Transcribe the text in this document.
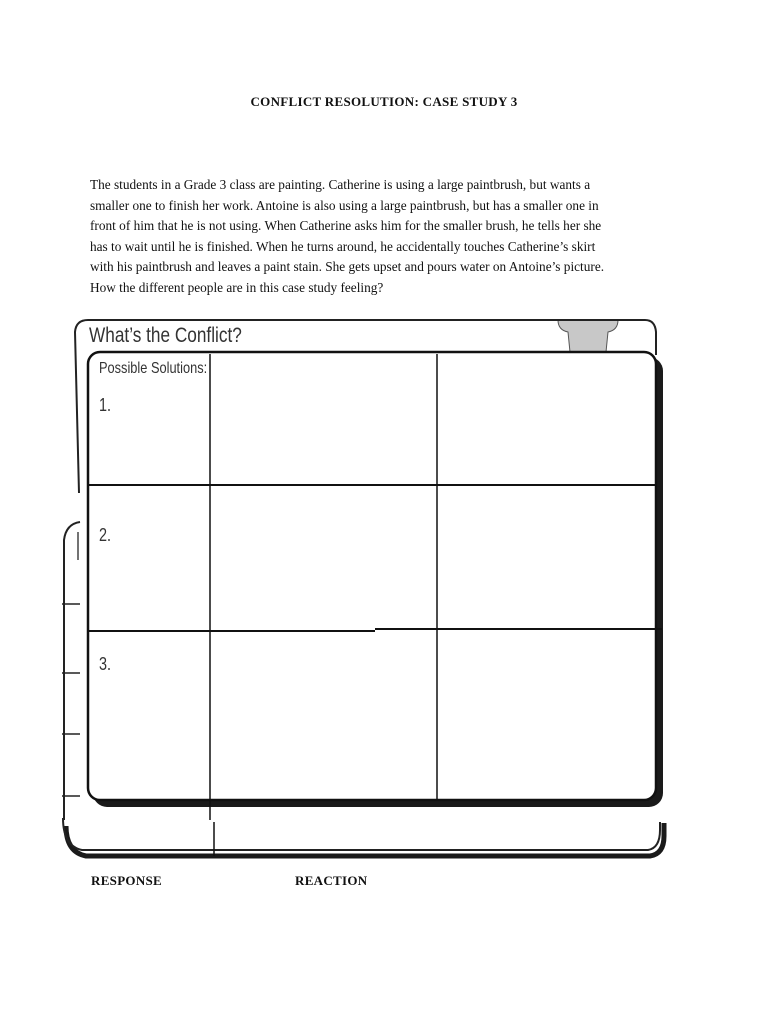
CONFLICT RESOLUTION: CASE STUDY 3
The students in a Grade 3 class are painting. Catherine is using a large paintbrush, but wants a
smaller one to finish her work. Antoine is also using a large paintbrush, but has a smaller one in
front of him that he is not using. When Catherine asks him for the smaller brush, he tells her she
has to wait until he is finished. When he turns around, he accidentally touches Catherine’s skirt
with his paintbrush and leaves a paint stain. She gets upset and pours water on Antoine’s picture.
How the different people are in this case study feeling?
What’s the Conflict?
Possible Solutions:
1.
2.
3.
RESPONSE	REACTION
